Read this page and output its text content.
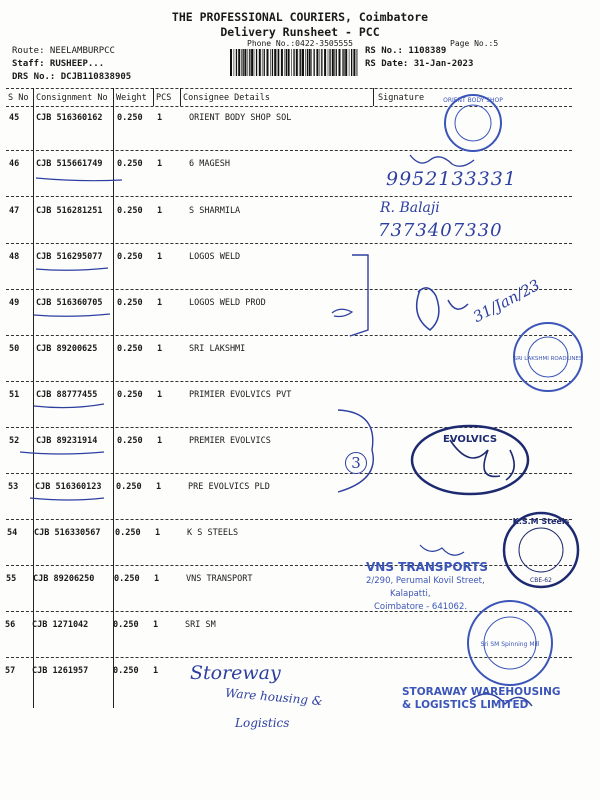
THE PROFESSIONAL COURIERS, Coimbatore
Delivery Runsheet - PCC
Phone No.:0422-3505555	Page No.:5
Route: NEELAMBURPCC
Staff: RUSHEEP...
DRS No.: DCJB110838905
RS No.: 1108389
RS Date: 31-Jan-2023
S No Consignment No Weight PCS Consignee Details	Signature
45 CJB 516360162 0.250 1	ORIENT BODY SHOP SOL
46 CJB 515661749 0.250 1	6 MAGESH
47 CJB 516281251 0.250 1	S SHARMILA
48 CJB 516295077 0.250 1	LOGOS WELD
49 CJB 516360705 0.250 1	LOGOS WELD PROD
50 CJB 89200625 0.250 1	SRI LAKSHMI
51 CJB 88777455 0.250 1	PRIMIER EVOLVICS PVT
52 CJB 89231914 0.250 1	PREMIER EVOLVICS
53 CJB 516360123 0.250 1	PRE EVOLVICS PLD
54 CJB 516330567 0.250 1	K S STEELS
55 CJB 89206250 0.250 1	VNS TRANSPORT
56 CJB 1271042	0.250 1	SRI SM
57 CJB 1261957	0.250 1
9952133331
R. Balaji
7373407330
31/Jan/23
3
Storeway
Ware housing &
Logistics
ORIENT BODY SHOP
SRI LAKSHMI ROADLINES
EVOLVICS
K.S.M Steels
CBE-62
VNS TRANSPORTS
2/290, Perumal Kovil Street,
Kalapatti,
Coimbatore - 641062.
Sri SM Spinning Mill
STORAWAY WAREHOUSING
& LOGISTICS LIMITED
